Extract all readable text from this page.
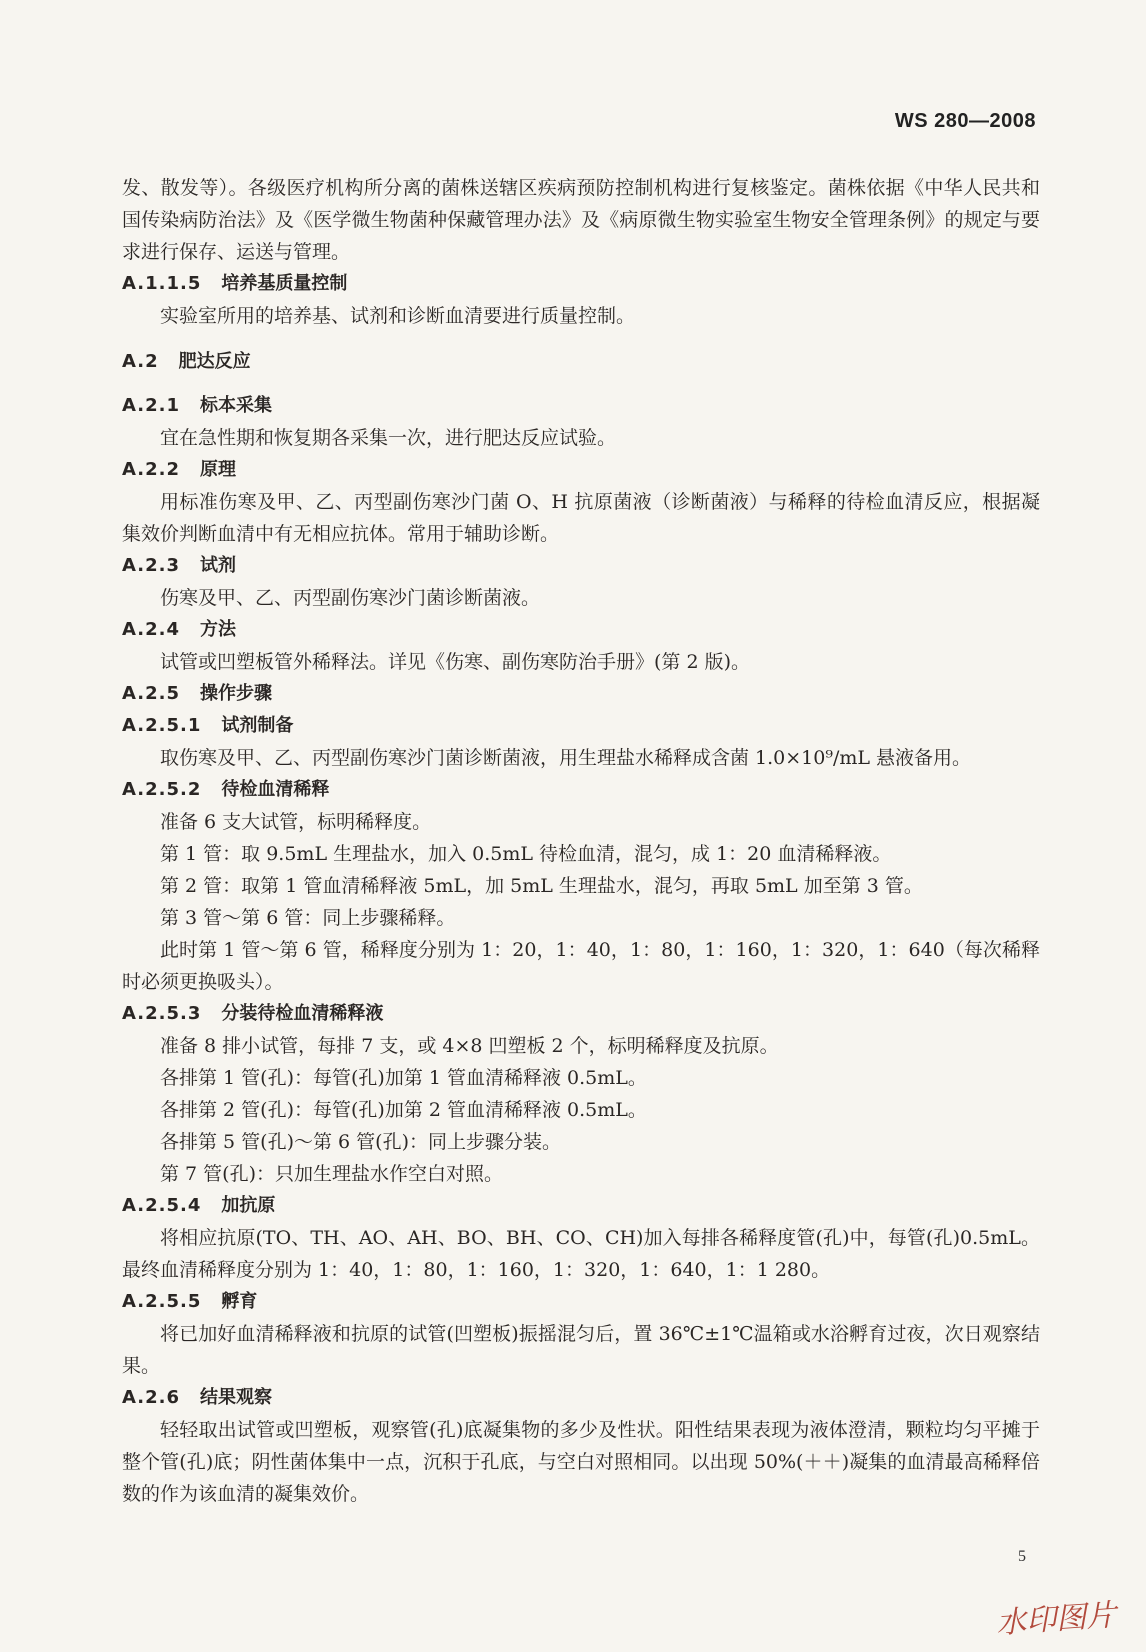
WS 280—2008

发、散发等）。各级医疗机构所分离的菌株送辖区疾病预防控制机构进行复核鉴定。菌株依据《中华人民共和国传染病防治法》及《医学微生物菌种保藏管理办法》及《病原微生物实验室生物安全管理条例》的规定与要求进行保存、运送与管理。

A.1.1.5 培养基质量控制

实验室所用的培养基、试剂和诊断血清要进行质量控制。

A.2 肥达反应
A.2.1 标本采集

宜在急性期和恢复期各采集一次，进行肥达反应试验。

A.2.2 原理

用标准伤寒及甲、乙、丙型副伤寒沙门菌 O、H 抗原菌液（诊断菌液）与稀释的待检血清反应，根据凝集效价判断血清中有无相应抗体。常用于辅助诊断。

A.2.3 试剂

伤寒及甲、乙、丙型副伤寒沙门菌诊断菌液。

A.2.4 方法

试管或凹塑板管外稀释法。详见《伤寒、副伤寒防治手册》(第 2 版)。

A.2.5 操作步骤
A.2.5.1 试剂制备

取伤寒及甲、乙、丙型副伤寒沙门菌诊断菌液，用生理盐水稀释成含菌 1.0×10⁹/mL 悬液备用。

A.2.5.2 待检血清稀释

准备 6 支大试管，标明稀释度。

第 1 管：取 9.5mL 生理盐水，加入 0.5mL 待检血清，混匀，成 1：20 血清稀释液。

第 2 管：取第 1 管血清稀释液 5mL，加 5mL 生理盐水，混匀，再取 5mL 加至第 3 管。

第 3 管～第 6 管：同上步骤稀释。

此时第 1 管～第 6 管，稀释度分别为 1：20，1：40，1：80，1：160，1：320，1：640（每次稀释时必须更换吸头）。

A.2.5.3 分装待检血清稀释液

准备 8 排小试管，每排 7 支，或 4×8 凹塑板 2 个，标明稀释度及抗原。

各排第 1 管(孔)：每管(孔)加第 1 管血清稀释液 0.5mL。

各排第 2 管(孔)：每管(孔)加第 2 管血清稀释液 0.5mL。

各排第 5 管(孔)～第 6 管(孔)：同上步骤分装。

第 7 管(孔)：只加生理盐水作空白对照。

A.2.5.4 加抗原

将相应抗原(TO、TH、AO、AH、BO、BH、CO、CH)加入每排各稀释度管(孔)中，每管(孔)0.5mL。最终血清稀释度分别为 1：40，1：80，1：160，1：320，1：640，1：1 280。

A.2.5.5 孵育

将已加好血清稀释液和抗原的试管(凹塑板)振摇混匀后，置 36℃±1℃温箱或水浴孵育过夜，次日观察结果。

A.2.6 结果观察

轻轻取出试管或凹塑板，观察管(孔)底凝集物的多少及性状。阳性结果表现为液体澄清，颗粒均匀平摊于整个管(孔)底；阴性菌体集中一点，沉积于孔底，与空白对照相同。以出现 50%(＋＋)凝集的血清最高稀释倍数的作为该血清的凝集效价。

5
水印图片
